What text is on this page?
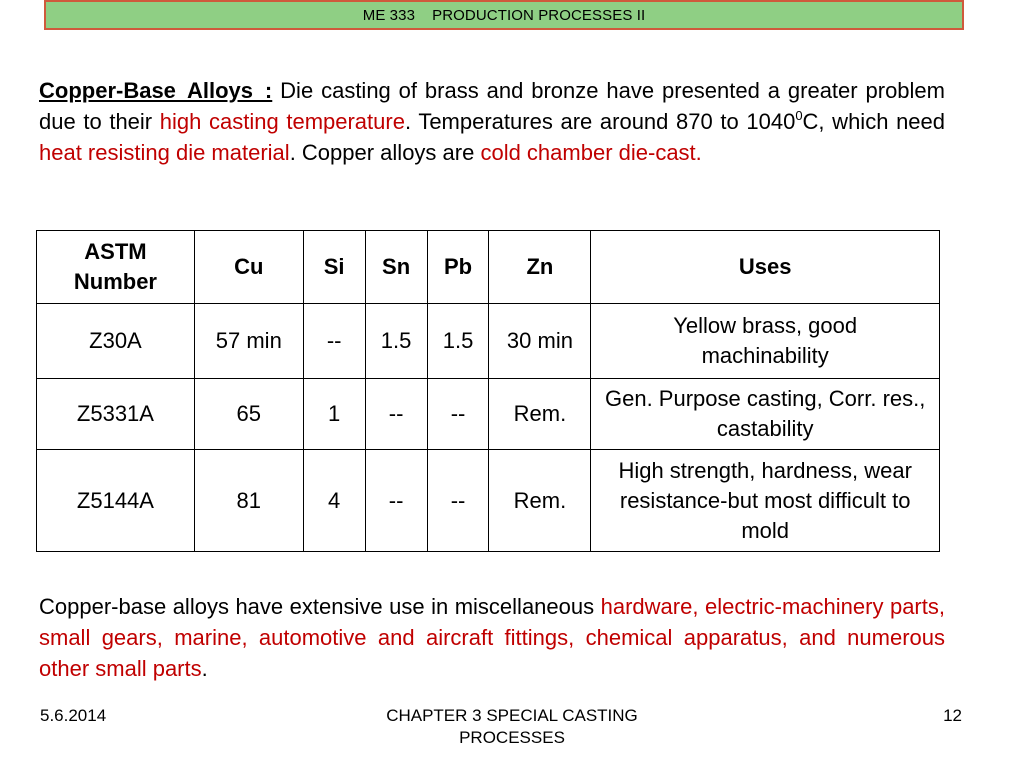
ME 333
PRODUCTION PROCESSES II
Copper-Base Alloys : Die casting of brass and bronze have presented a greater problem due to their high casting temperature. Temperatures are around 870 to 1040$^0$C, which need heat resisting die material. Copper alloys are cold chamber die-cast.
ASTM Number	Cu	Si	Sn	Pb	Zn	Uses
Z30A	57 min	--	1.5	1.5	30 min	Yellow brass, good machinability
Z5331A	65	1	--	--	Rem.	Gen. Purpose casting, Corr. res., castability
Z5144A	81	4	--	--	Rem.	High strength, hardness, wear resistance-but most difficult to mold
Copper-base alloys have extensive use in miscellaneous hardware, electric-machinery parts, small gears, marine, automotive and aircraft fittings, chemical apparatus, and numerous other small parts.
5.6.2014	CHAPTER 3 SPECIAL CASTING PROCESSES
12
